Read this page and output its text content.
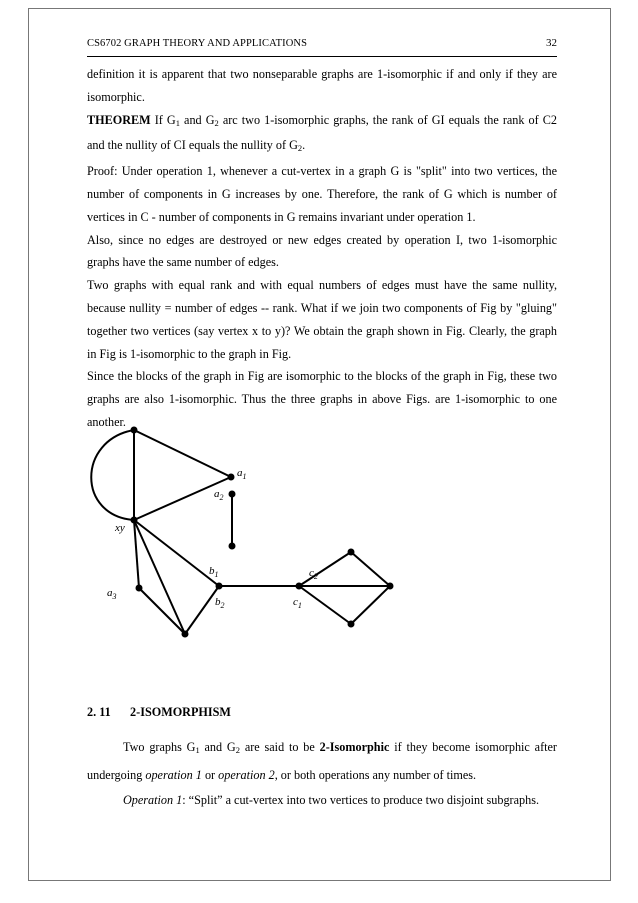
CS6702 GRAPH THEORY AND APPLICATIONS	32

definition it is apparent that two nonseparable graphs are 1-isomorphic if and only if they are isomorphic.

THEOREM If $G_1$ and $G_2$ arc two 1-isomorphic graphs, the rank of GI equals the rank of C2 and the nullity of CI equals the nullity of $G_2$.

Proof: Under operation 1, whenever a cut-vertex in a graph G is "split" into two vertices, the number of components in G increases by one. Therefore, the rank of G which is number of vertices in C - number of components in G remains invariant under operation 1.

Also, since no edges are destroyed or new edges created by operation I, two 1-isomorphic graphs have the same number of edges.

Two graphs with equal rank and with equal numbers of edges must have the same nullity, because nullity = number of edges -- rank. What if we join two components of Fig by "gluing" together two vertices (say vertex x to y)? We obtain the graph shown in Fig. Clearly, the graph in Fig is 1-isomorphic to the graph in Fig.

Since the blocks of the graph in Fig are isomorphic to the blocks of the graph in Fig, these two graphs are also 1-isomorphic. Thus the three graphs in above Figs. are 1-isomorphic to one another.

$a_1$
$a_2$
xy
$a_3$
$b_1$
$b_2$	$c_1$
$c_2$
2. 11 2-ISOMORPHISM

Two graphs $G_1$ and $G_2$ are said to be 2-Isomorphic if they become isomorphic after undergoing operation 1 or operation 2, or both operations any number of times.

Operation 1: “Split” a cut-vertex into two vertices to produce two disjoint subgraphs.
